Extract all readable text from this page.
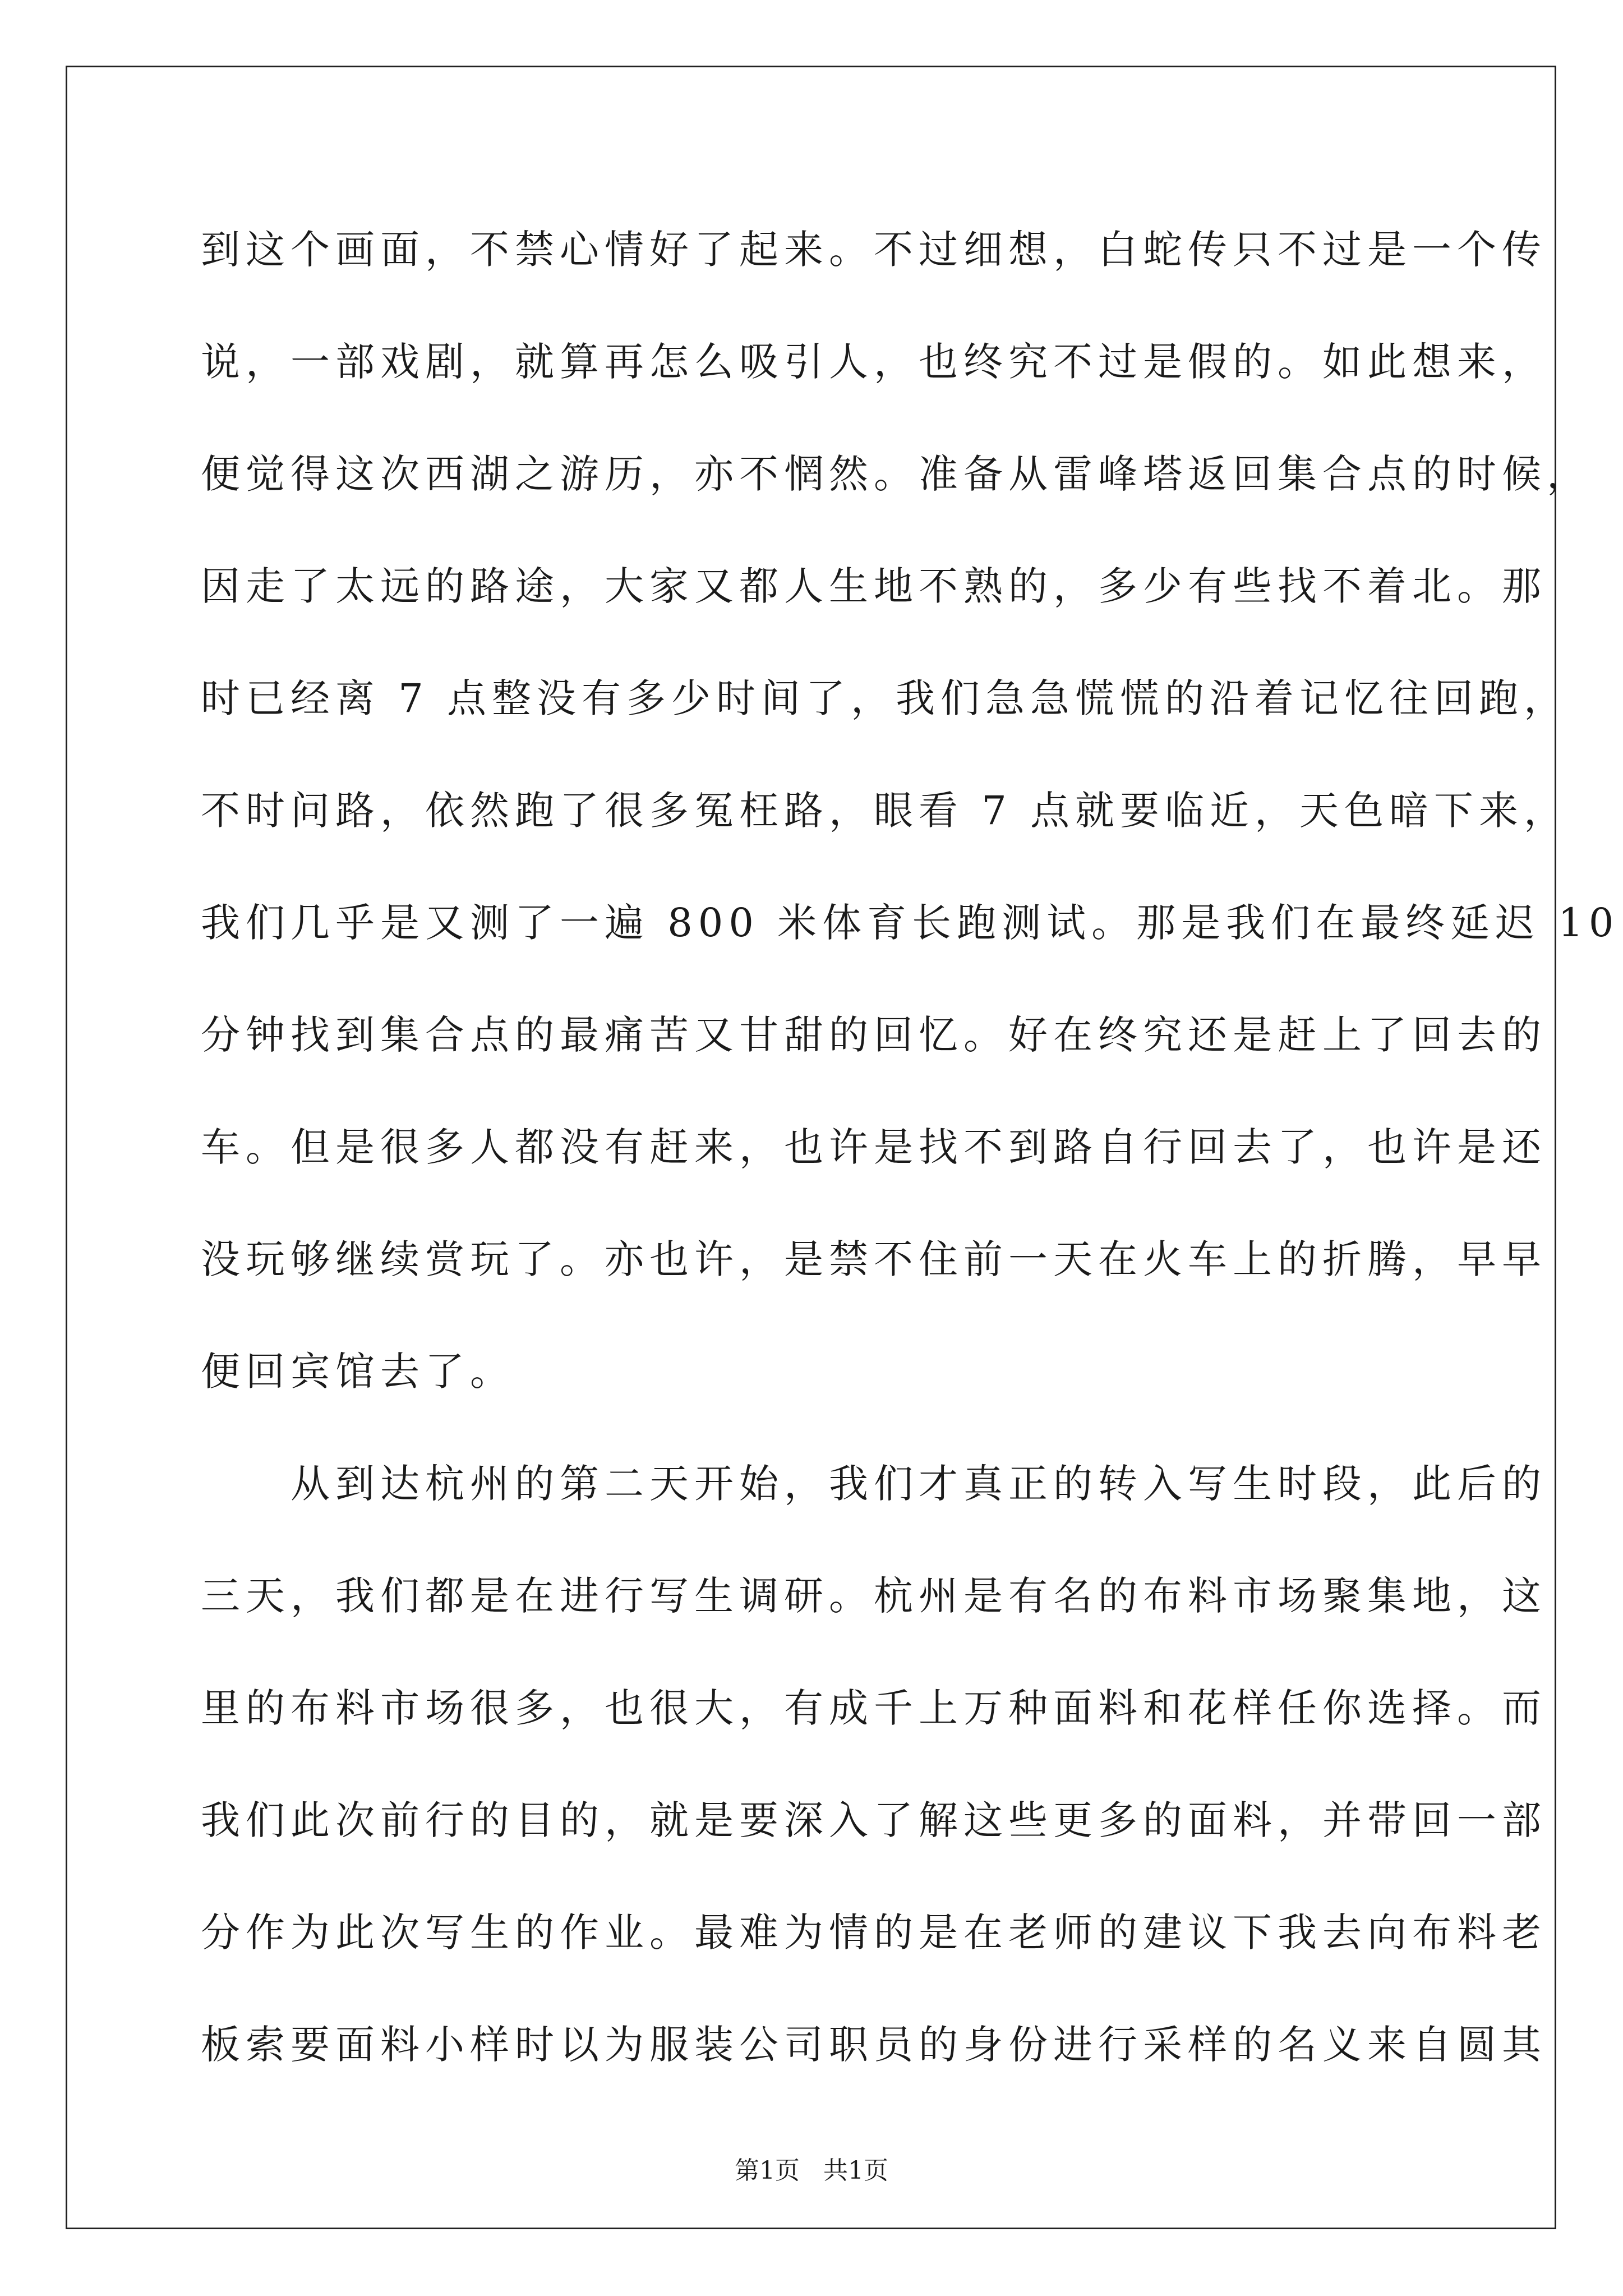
到这个画面，不禁心情好了起来。不过细想，白蛇传只不过是一个传
说，一部戏剧，就算再怎么吸引人，也终究不过是假的。如此想来，
便觉得这次西湖之游历，亦不惘然。准备从雷峰塔返回集合点的时候，
因走了太远的路途，大家又都人生地不熟的，多少有些找不着北。那
时已经离 7 点整没有多少时间了，我们急急慌慌的沿着记忆往回跑，
不时问路，依然跑了很多冤枉路，眼看 7 点就要临近，天色暗下来，
我们几乎是又测了一遍 800 米体育长跑测试。那是我们在最终延迟 10
分钟找到集合点的最痛苦又甘甜的回忆。好在终究还是赶上了回去的
车。但是很多人都没有赶来，也许是找不到路自行回去了，也许是还
没玩够继续赏玩了。亦也许，是禁不住前一天在火车上的折腾，早早
便回宾馆去了。
　　从到达杭州的第二天开始，我们才真正的转入写生时段，此后的
三天，我们都是在进行写生调研。杭州是有名的布料市场聚集地，这
里的布料市场很多，也很大，有成千上万种面料和花样任你选择。而
我们此次前行的目的，就是要深入了解这些更多的面料，并带回一部
分作为此次写生的作业。最难为情的是在老师的建议下我去向布料老
板索要面料小样时以为服装公司职员的身份进行采样的名义来自圆其
第1页 共1页
